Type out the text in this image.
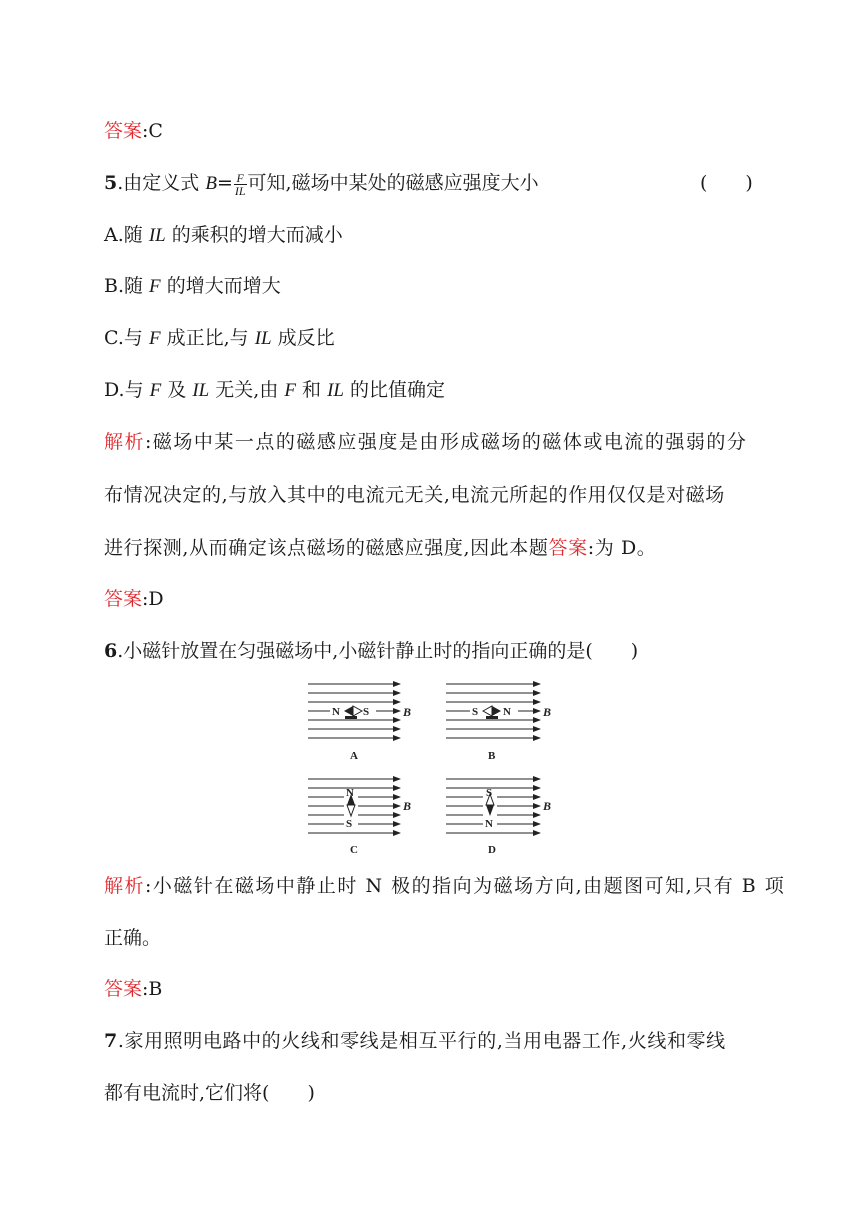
答案:C
5.由定义式 $B= \frac{F}{IL}$ 可知,磁场中某处的磁感应强度大小	(　　)
A.随 IL 的乘积的增大而减小
B.随 F 的增大而增大
C.与 F 成正比,与 IL 成反比
D.与 F 及 IL 无关,由 F 和 IL 的比值确定
解析:磁场中某一点的磁感应强度是由形成磁场的磁体或电流的强弱的分
布情况决定的,与放入其中的电流元无关,电流元所起的作用仅仅是对磁场
进行探测,从而确定该点磁场的磁感应强度,因此本题答案:为 D。
答案:D
6.小磁针放置在匀强磁场中,小磁针静止时的指向正确的是(　　)
N S	B
A
S N	B
B
N
S
B
C
S
N
B
D
解析:小磁针在磁场中静止时 N 极的指向为磁场方向,由题图可知,只有 B 项
正确。
答案:B
7.家用照明电路中的火线和零线是相互平行的,当用电器工作,火线和零线
都有电流时,它们将(　　)
